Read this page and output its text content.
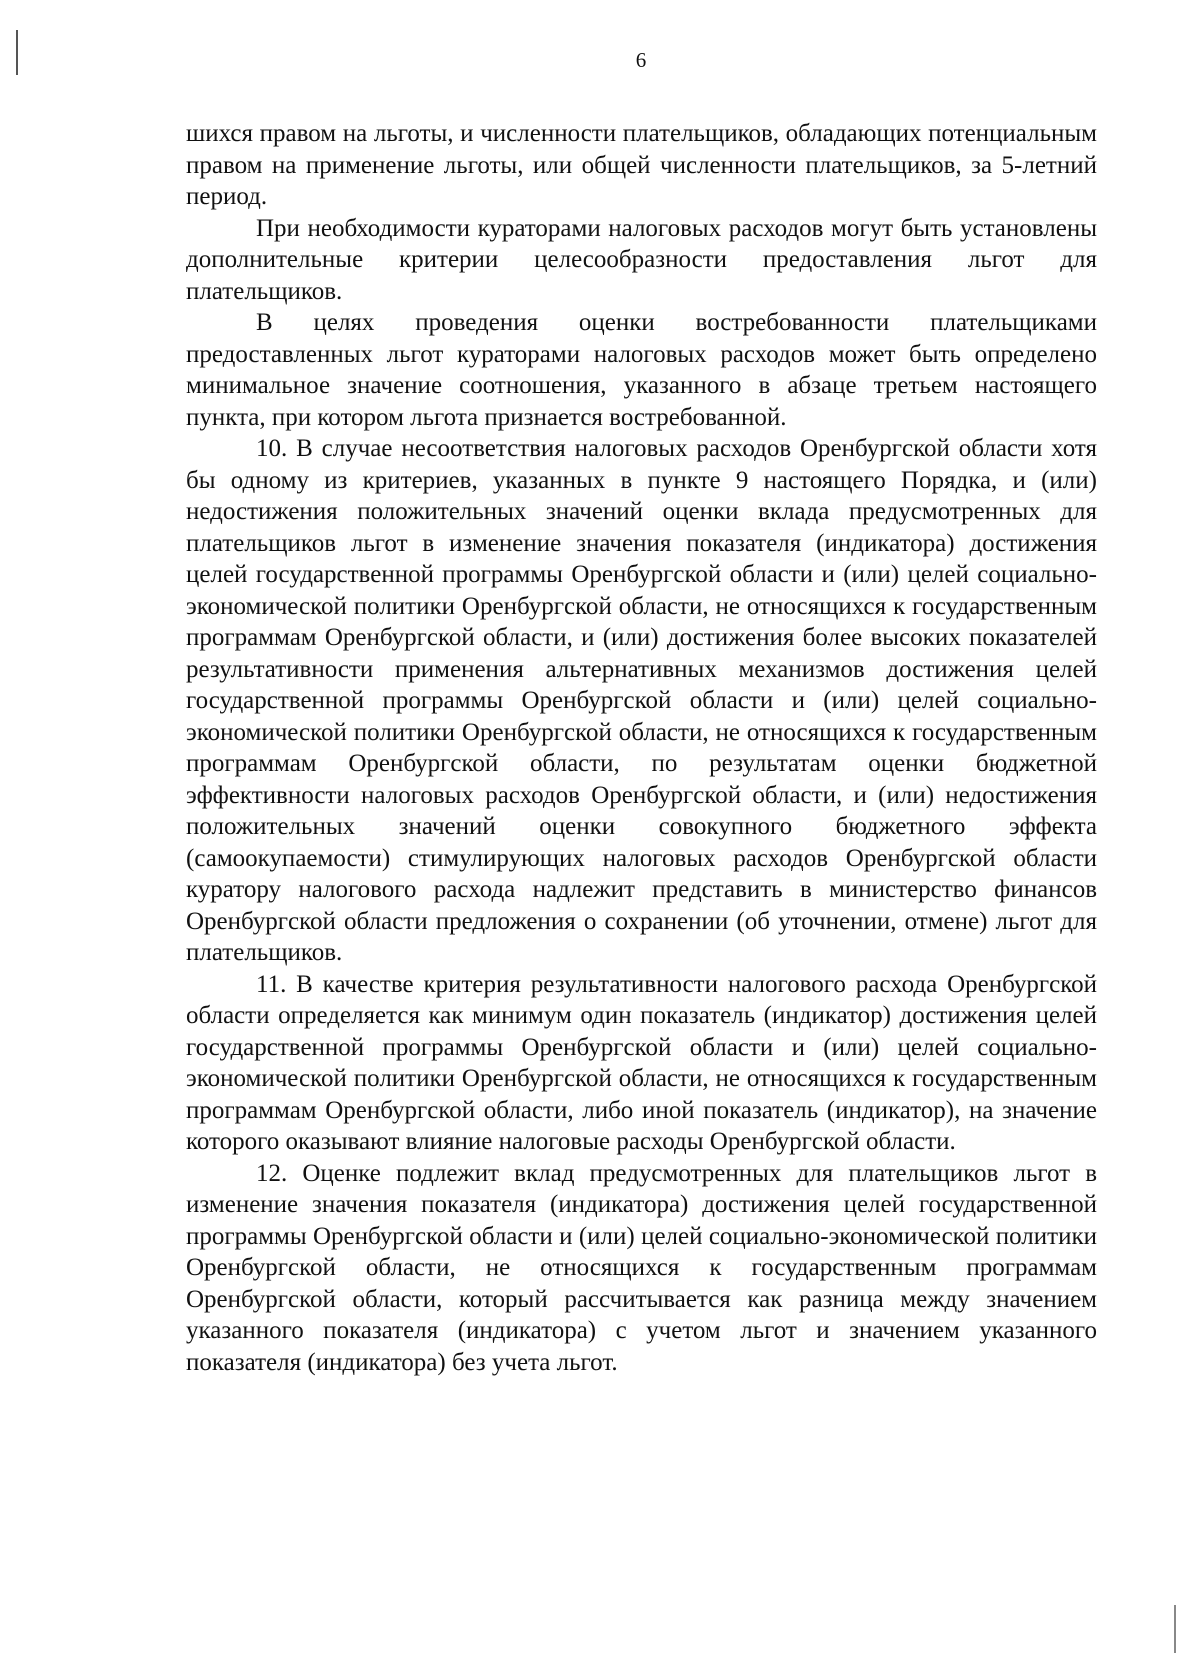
6

шихся правом на льготы, и численности плательщиков, обладающих потенциальным правом на применение льготы, или общей численности плательщиков, за 5-летний период.

При необходимости кураторами налоговых расходов могут быть установлены дополнительные критерии целесообразности предоставления льгот для плательщиков.

В целях проведения оценки востребованности плательщиками предоставленных льгот кураторами налоговых расходов может быть определено минимальное значение соотношения, указанного в абзаце третьем настоящего пункта, при котором льгота признается востребованной.

10. В случае несоответствия налоговых расходов Оренбургской области хотя бы одному из критериев, указанных в пункте 9 настоящего Порядка, и (или) недостижения положительных значений оценки вклада предусмотренных для плательщиков льгот в изменение значения показателя (индикатора) достижения целей государственной программы Оренбургской области и (или) целей социально-экономической политики Оренбургской области, не относящихся к государственным программам Оренбургской области, и (или) достижения более высоких показателей результативности применения альтернативных механизмов достижения целей государственной программы Оренбургской области и (или) целей социально-экономической политики Оренбургской области, не относящихся к государственным программам Оренбургской области, по результатам оценки бюджетной эффективности налоговых расходов Оренбургской области, и (или) недостижения положительных значений оценки совокупного бюджетного эффекта (самоокупаемости) стимулирующих налоговых расходов Оренбургской области куратору налогового расхода надлежит представить в министерство финансов Оренбургской области предложения о сохранении (об уточнении, отмене) льгот для плательщиков.

11. В качестве критерия результативности налогового расхода Оренбургской области определяется как минимум один показатель (индикатор) достижения целей государственной программы Оренбургской области и (или) целей социально-экономической политики Оренбургской области, не относящихся к государственным программам Оренбургской области, либо иной показатель (индикатор), на значение которого оказывают влияние налоговые расходы Оренбургской области.

12. Оценке подлежит вклад предусмотренных для плательщиков льгот в изменение значения показателя (индикатора) достижения целей государственной программы Оренбургской области и (или) целей социально-экономической политики Оренбургской области, не относящихся к государственным программам Оренбургской области, который рассчитывается как разница между значением указанного показателя (индикатора) с учетом льгот и значением указанного показателя (индикатора) без учета льгот.
